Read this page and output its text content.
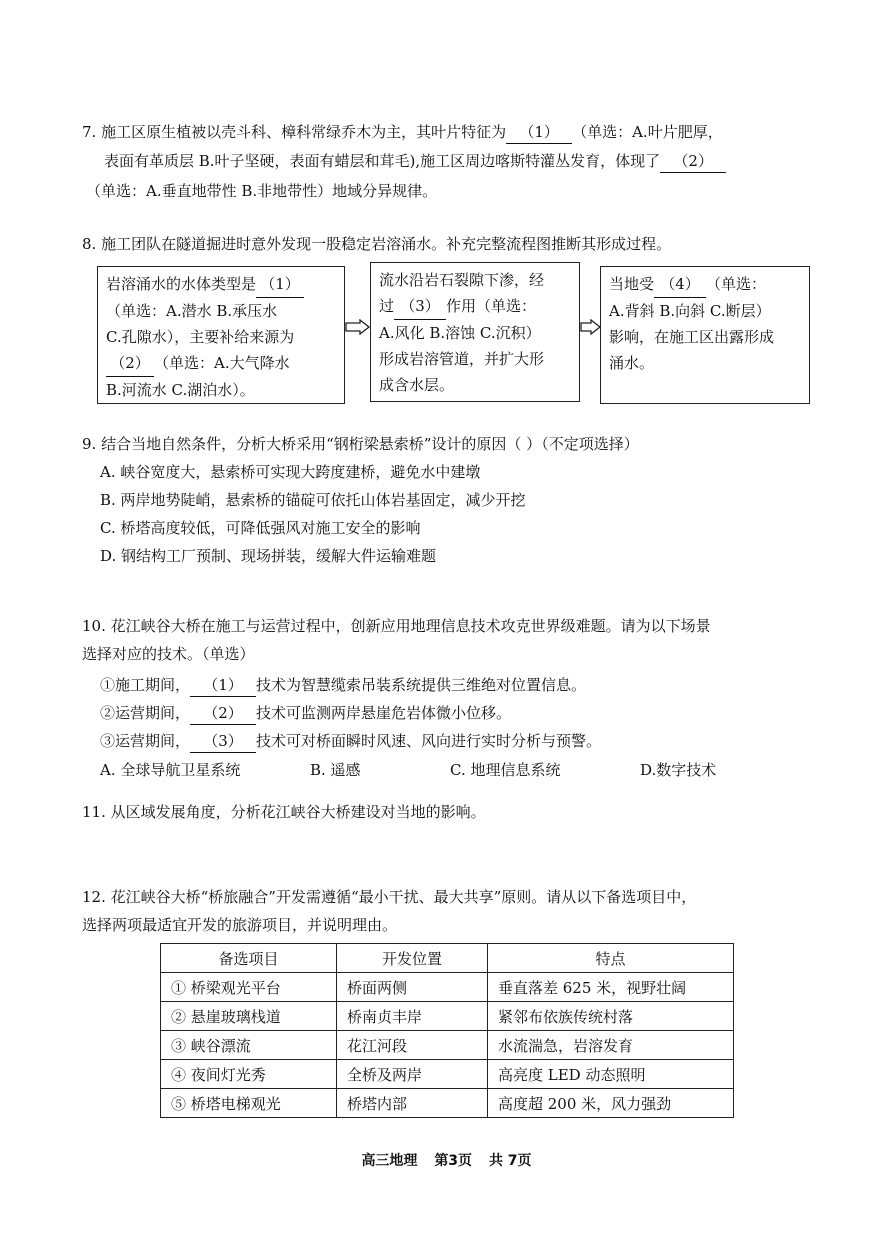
7. 施工区原生植被以壳斗科、樟科常绿乔木为主，其叶片特征为 （1） （单选：A.叶片肥厚，
表面有革质层 B.叶子坚硬，表面有蜡层和茸毛),施工区周边喀斯特灌丛发育，体现了 （2）
（单选：A.垂直地带性 B.非地带性）地域分异规律。
8. 施工团队在隧道掘进时意外发现一股稳定岩溶涌水。补充完整流程图推断其形成过程。
岩溶涌水的水体类型是 （1）
（单选：A.潜水 B.承压水
C.孔隙水），主要补给来源为
（2） （单选：A.大气降水
B.河流水 C.湖泊水）。
流水沿岩石裂隙下渗，经
过 （3） 作用（单选：
A.风化 B.溶蚀 C.沉积）
形成岩溶管道，并扩大形
成含水层。
当地受 （4） （单选：
A.背斜 B.向斜 C.断层）
影响，在施工区出露形成
涌水。
9. 结合当地自然条件，分析大桥采用“钢桁梁悬索桥”设计的原因（ ）（不定项选择）
A. 峡谷宽度大，悬索桥可实现大跨度建桥，避免水中建墩
B. 两岸地势陡峭，悬索桥的锚碇可依托山体岩基固定，减少开挖
C. 桥塔高度较低，可降低强风对施工安全的影响
D. 钢结构工厂预制、现场拼装，缓解大件运输难题
10. 花江峡谷大桥在施工与运营过程中，创新应用地理信息技术攻克世界级难题。请为以下场景
选择对应的技术。（单选）
①施工期间， （1） 技术为智慧缆索吊装系统提供三维绝对位置信息。
②运营期间， （2） 技术可监测两岸悬崖危岩体微小位移。
③运营期间， （3） 技术可对桥面瞬时风速、风向进行实时分析与预警。
A. 全球导航卫星系统	B. 遥感	C. 地理信息系统	D.数字技术
11. 从区域发展角度，分析花江峡谷大桥建设对当地的影响。
12. 花江峡谷大桥“桥旅融合”开发需遵循“最小干扰、最大共享”原则。请从以下备选项目中，
选择两项最适宜开发的旅游项目，并说明理由。
备选项目	开发位置	特点
① 桥梁观光平台	桥面两侧	垂直落差 625 米，视野壮阔
② 悬崖玻璃栈道	桥南贞丰岸	紧邻布依族传统村落
③ 峡谷漂流	花江河段	水流湍急，岩溶发育
④ 夜间灯光秀	全桥及两岸	高亮度 LED 动态照明
⑤ 桥塔电梯观光	桥塔内部	高度超 200 米，风力强劲
高三地理 第3页 共 7页
